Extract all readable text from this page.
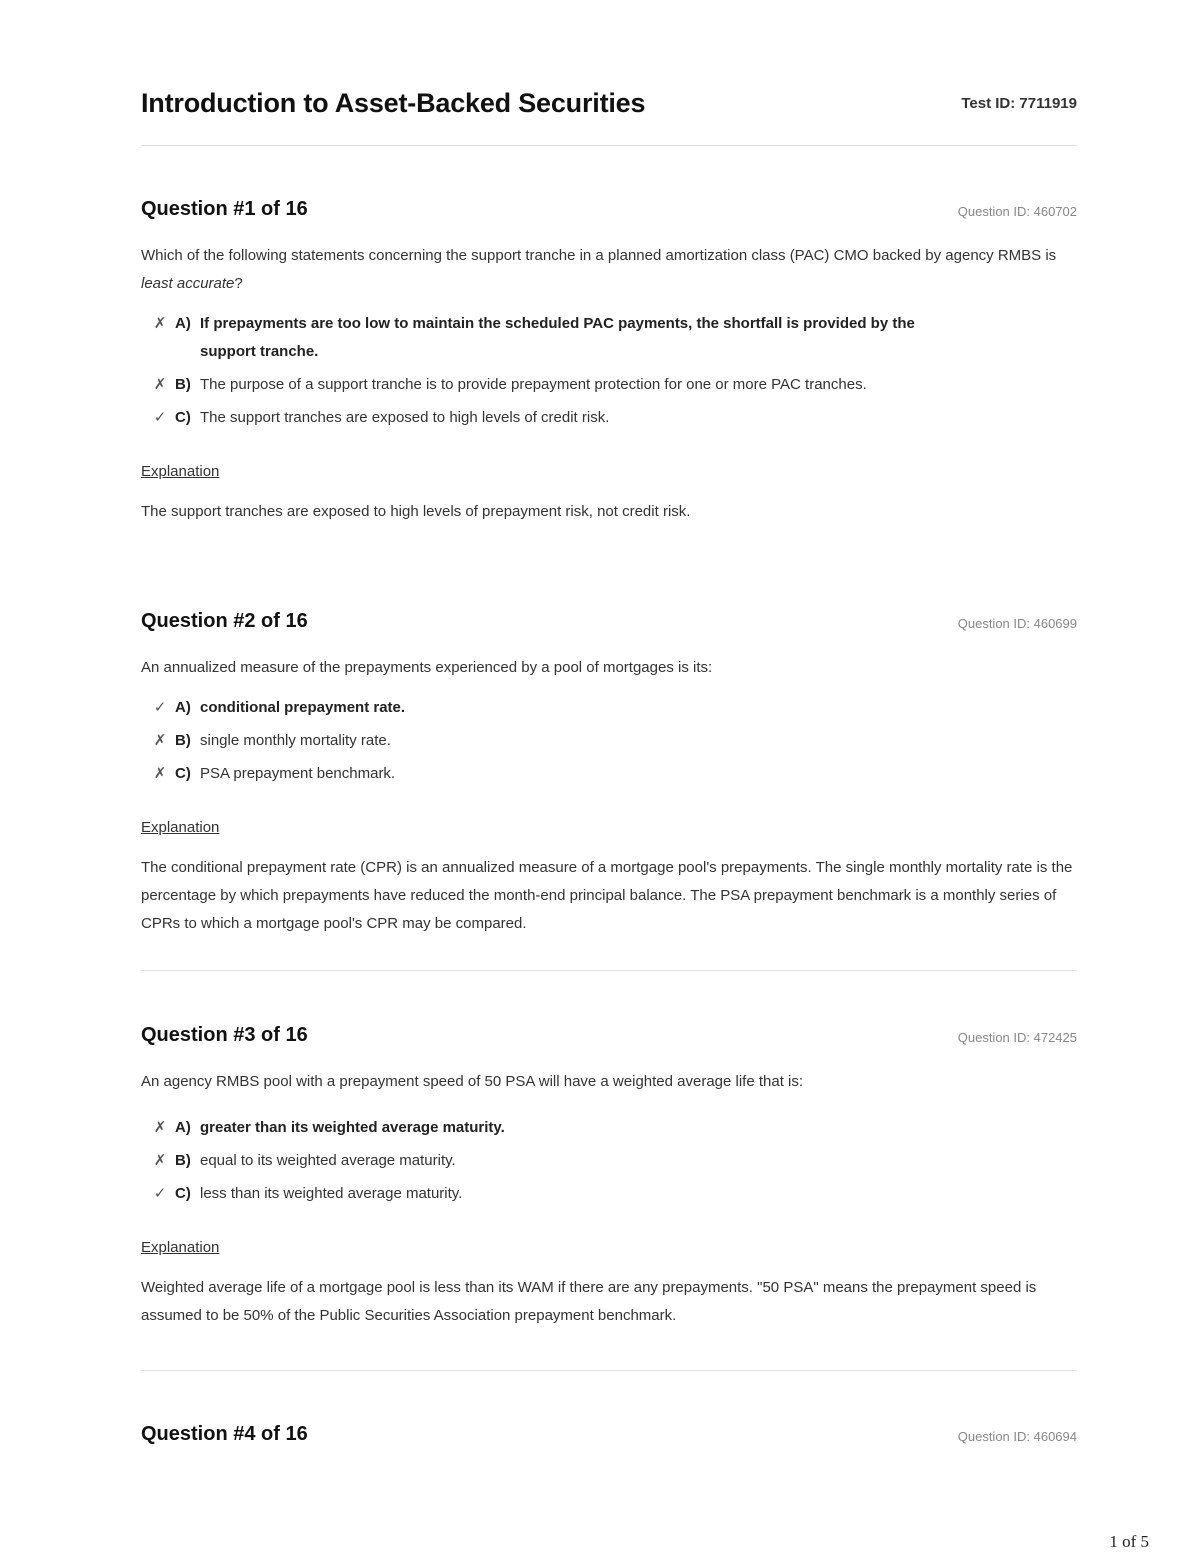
Introduction to Asset-Backed Securities	Test ID: 7711919
Question #1 of 16	Question ID: 460702
Which of the following statements concerning the support tranche in a planned amortization class (PAC) CMO backed by agency RMBS is least accurate?
✗ A) If prepayments are too low to maintain the scheduled PAC payments, the shortfall is provided by the support tranche.
✗ B) The purpose of a support tranche is to provide prepayment protection for one or more PAC tranches.
✓ C) The support tranches are exposed to high levels of credit risk.
Explanation
The support tranches are exposed to high levels of prepayment risk, not credit risk.
Question #2 of 16	Question ID: 460699
An annualized measure of the prepayments experienced by a pool of mortgages is its:
✓ A) conditional prepayment rate.
✗ B) single monthly mortality rate.
✗ C) PSA prepayment benchmark.
Explanation
The conditional prepayment rate (CPR) is an annualized measure of a mortgage pool's prepayments. The single monthly mortality rate is the percentage by which prepayments have reduced the month-end principal balance. The PSA prepayment benchmark is a monthly series of CPRs to which a mortgage pool's CPR may be compared.
Question #3 of 16	Question ID: 472425
An agency RMBS pool with a prepayment speed of 50 PSA will have a weighted average life that is:
✗ A) greater than its weighted average maturity.
✗ B) equal to its weighted average maturity.
✓ C) less than its weighted average maturity.
Explanation
Weighted average life of a mortgage pool is less than its WAM if there are any prepayments. "50 PSA" means the prepayment speed is assumed to be 50% of the Public Securities Association prepayment benchmark.
Question #4 of 16	Question ID: 460694
1 of 5
